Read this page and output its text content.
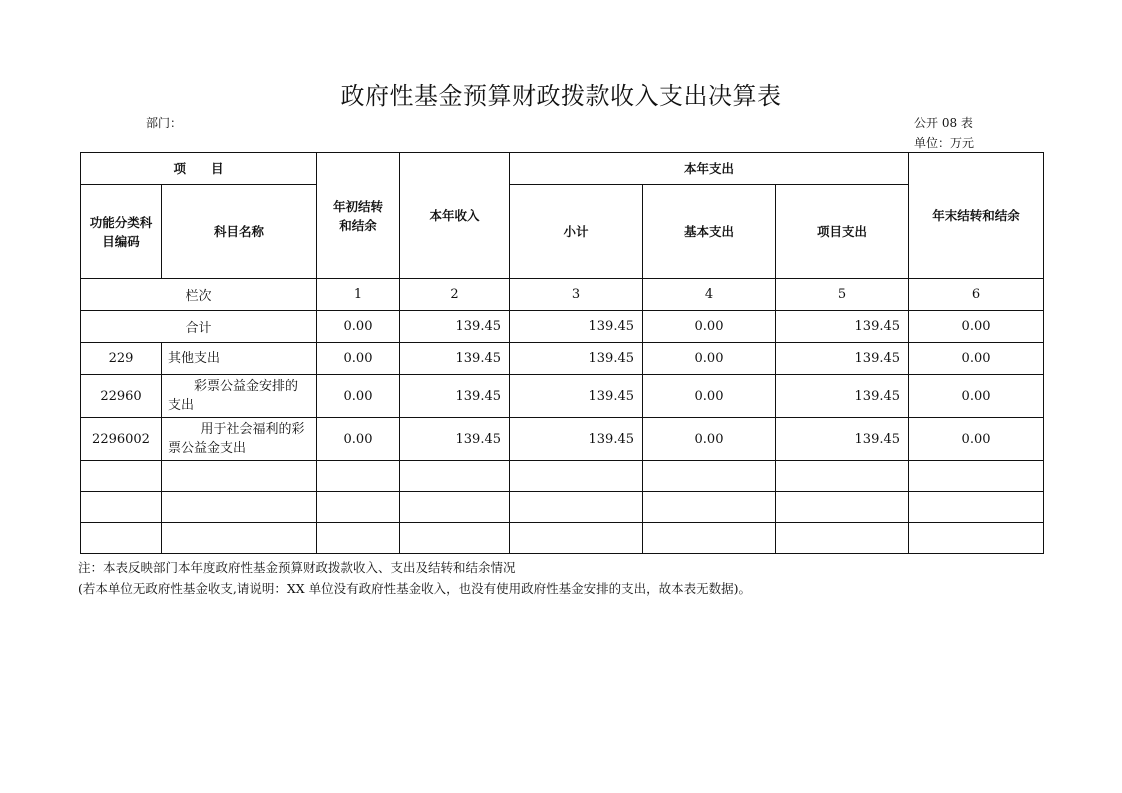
政府性基金预算财政拨款收入支出决算表
部门：	公开 08 表
单位：万元
项　　目		年初结转和结余	本年收入	本年支出			年末结转和结余
功能分类科目编码	科目名称			小计	基本支出	项目支出	
栏次		1	2	3	4	5	6
合计		0.00	139.45	139.45	0.00	139.45	0.00
229	其他支出	0.00	139.45	139.45	0.00	139.45	0.00
22960	彩票公益金安排的支出	0.00	139.45	139.45	0.00	139.45	0.00
2296002	用于社会福利的彩票公益金支出	0.00	139.45	139.45	0.00	139.45	0.00

注：本表反映部门本年度政府性基金预算财政拨款收入、支出及结转和结余情况
(若本单位无政府性基金收支,请说明：XX 单位没有政府性基金收入，也没有使用政府性基金安排的支出，故本表无数据)。
